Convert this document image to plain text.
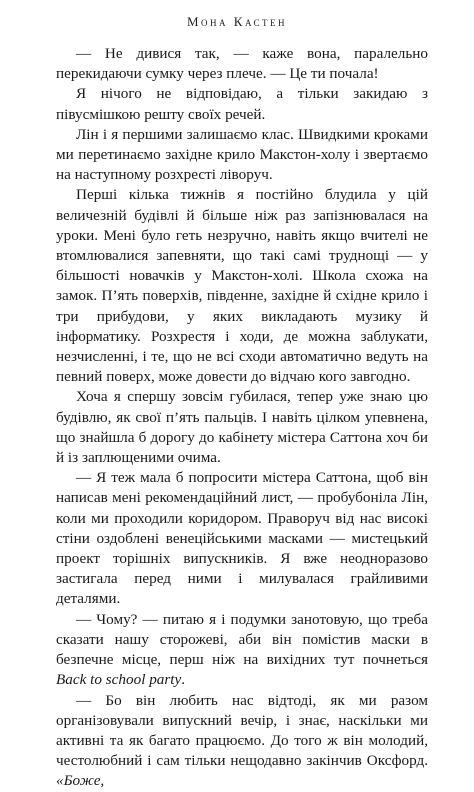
Мона Кастен

— Не дивися так, — каже вона, паралельно перекидаючи сумку через плече. — Це ти почала!

Я нічого не відповідаю, а тільки закидаю з півусмішкою решту своїх речей.

Лін і я першими залишаємо клас. Швидкими кроками ми перетинаємо західне крило Макстон-холу і звертаємо на наступному розхресті ліворуч.

Перші кілька тижнів я постійно блудила у цій величезній будівлі й більше ніж раз запізнювалася на уроки. Мені було геть незручно, навіть якщо вчителі не втомлювалися запевняти, що такі самі труднощі — у більшості новачків у Макстон-холі. Школа схожа на замок. П’ять поверхів, південне, західне й східне крило і три прибудови, у яких викладають музику й інформатику. Розхрестя і ходи, де можна заблукати, незчисленні, і те, що не всі сходи автоматично ведуть на певний поверх, може довести до відчаю кого завгодно.

Хоча я спершу зовсім губилася, тепер уже знаю цю будівлю, як свої п’ять пальців. І навіть цілком упевнена, що знайшла б дорогу до кабінету містера Саттона хоч би й із заплющеними очима.

— Я теж мала б попросити містера Саттона, щоб він написав мені рекомендаційний лист, — пробубоніла Лін, коли ми проходили коридором. Праворуч від нас високі стіни оздоблені венеційськими масками — мистецький проект торішніх випускників. Я вже неодноразово застигала перед ними і милувалася грайливими деталями.

— Чому? — питаю я і подумки занотовую, що треба сказати нашу сторожеві, аби він помістив маски в безпечне місце, перш ніж на вихідних тут почнеться Back to school party.

— Бо він любить нас відтоді, як ми разом організовували випускний вечір, і знає, наскільки ми активні та як багато працюємо. До того ж він молодий, честолюбний і сам тільки нещодавно закінчив Оксфорд. «Боже,
